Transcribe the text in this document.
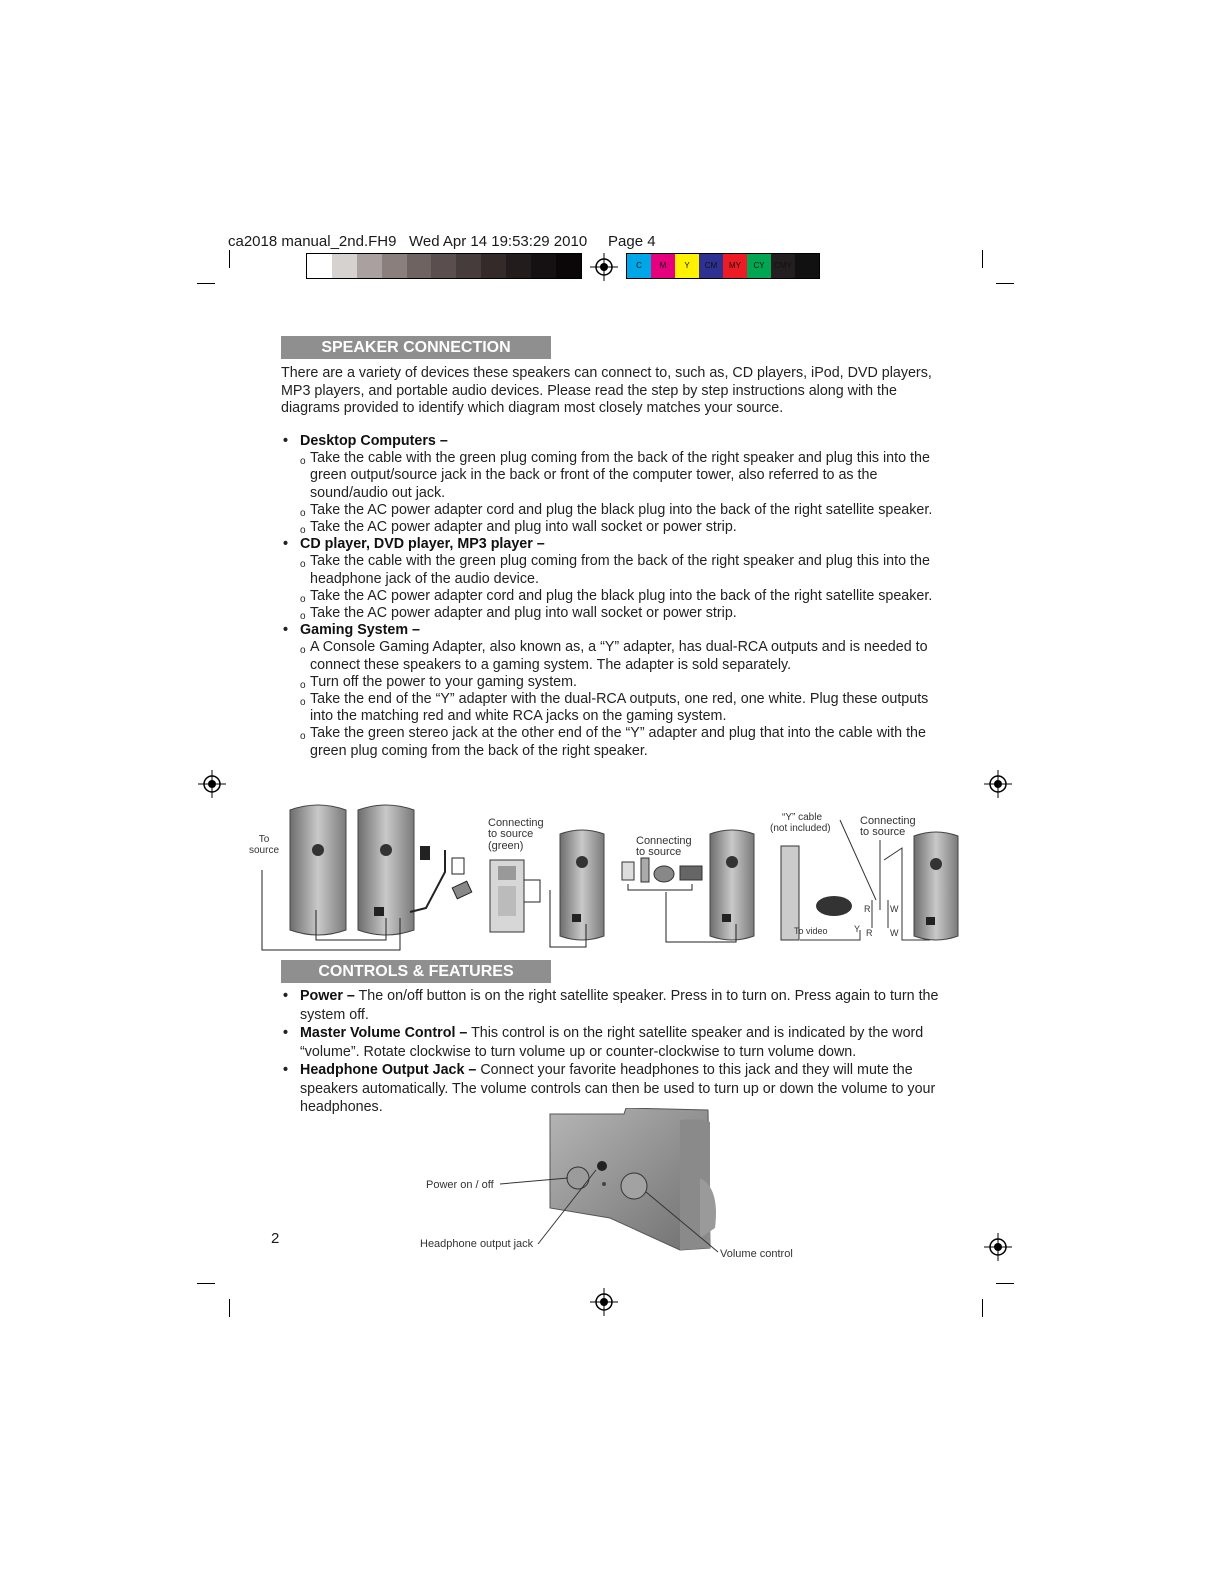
ca2018 manual_2nd.FH9 Wed Apr 14 19:53:29 2010 Page 4
C	M	Y	CM	MY	CY	CMY	K
SPEAKER CONNECTION
There are a variety of devices these speakers can connect to, such as, CD players, iPod, DVD players, MP3 players, and portable audio devices. Please read the step by step instructions along with the diagrams provided to identify which diagram most closely matches your source.

• Desktop Computers –

o Take the cable with the green plug coming from the back of the right speaker and plug this into the green output/source jack in the back or front of the computer tower, also referred to as the sound/audio out jack.

o Take the AC power adapter cord and plug the black plug into the back of the right satellite speaker.

o Take the AC power adapter and plug into wall socket or power strip.

• CD player, DVD player, MP3 player –

o Take the cable with the green plug coming from the back of the right speaker and plug this into the headphone jack of the audio device.

o Take the AC power adapter cord and plug the black plug into the back of the right satellite speaker.

o Take the AC power adapter and plug into wall socket or power strip.

• Gaming System –

o A Console Gaming Adapter, also known as, a “Y” adapter, has dual-RCA outputs and is needed to connect these speakers to a gaming system. The adapter is sold separately.

o Turn off the power to your gaming system.

o Take the end of the “Y” adapter with the dual-RCA outputs, one red, one white. Plug these outputs into the matching red and white RCA jacks on the gaming system.

o Take the green stereo jack at the other end of the “Y” adapter and plug that into the cable with the green plug coming from the back of the right speaker.

To source
Connecting to source (green)	Connecting to source
“Y” cable (not included)
Connecting to source
To video
R W
Y R W
CONTROLS & FEATURES

• Power – The on/off button is on the right satellite speaker. Press in to turn on. Press again to turn the system off.

• Master Volume Control – This control is on the right satellite speaker and is indicated by the word “volume”. Rotate clockwise to turn volume up or counter-clockwise to turn volume down.

• Headphone Output Jack – Connect your favorite headphones to this jack and they will mute the speakers automatically. The volume controls can then be used to turn up or down the volume to your headphones.

Power on / off
Headphone output jack
Volume control
2
